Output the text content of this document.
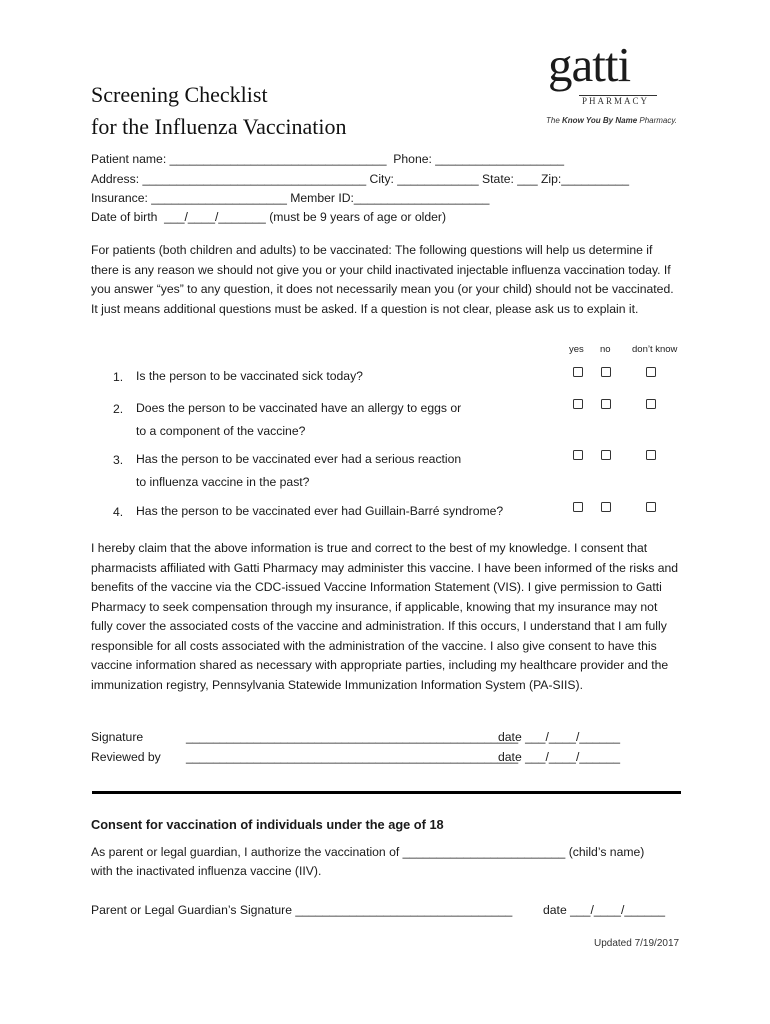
Screening Checklist
for the Influenza Vaccination
gatti
PHARMACY
The Know You By Name Pharmacy.
Patient name: ________________________________  Phone: ___________________
Address: _________________________________ City: ____________ State: ___ Zip:__________
Insurance: ____________________ Member ID:____________________
Date of birth  ___/____/_______ (must be 9 years of age or older)
For patients (both children and adults) to be vaccinated: The following questions will help us determine if there is any reason we should not give you or your child inactivated injectable influenza vaccination today. If you answer “yes” to any question, it does not necessarily mean you (or your child) should not be vaccinated. It just means additional questions must be asked. If a question is not clear, please ask us to explain it.
yes no don’t know
1. Is the person to be vaccinated sick today?
2. Does the person to be vaccinated have an allergy to eggs or
to a component of the vaccine?
3. Has the person to be vaccinated ever had a serious reaction
to influenza vaccine in the past?
4. Has the person to be vaccinated ever had Guillain-Barré syndrome?
I hereby claim that the above information is true and correct to the best of my knowledge. I consent that pharmacists affiliated with Gatti Pharmacy may administer this vaccine. I have been informed of the risks and benefits of the vaccine via the CDC-issued Vaccine Information Statement (VIS). I give permission to Gatti Pharmacy to seek compensation through my insurance, if applicable, knowing that my insurance may not fully cover the associated costs of the vaccine and administration. If this occurs, I understand that I am fully responsible for all costs associated with the administration of the vaccine. I also give consent to have this vaccine information shared as necessary with appropriate parties, including my healthcare provider and the immunization registry, Pennsylvania Statewide Immunization Information System (PA-SIIS).
Signature	_________________________________________________
date ___/____/______
Reviewed by _________________________________________________
date ___/____/______
Consent for vaccination of individuals under the age of 18
As parent or legal guardian, I authorize the vaccination of ________________________ (child’s name)
with the inactivated influenza vaccine (IIV).
Parent or Legal Guardian’s Signature ________________________________	date ___/____/______
Updated 7/19/2017
